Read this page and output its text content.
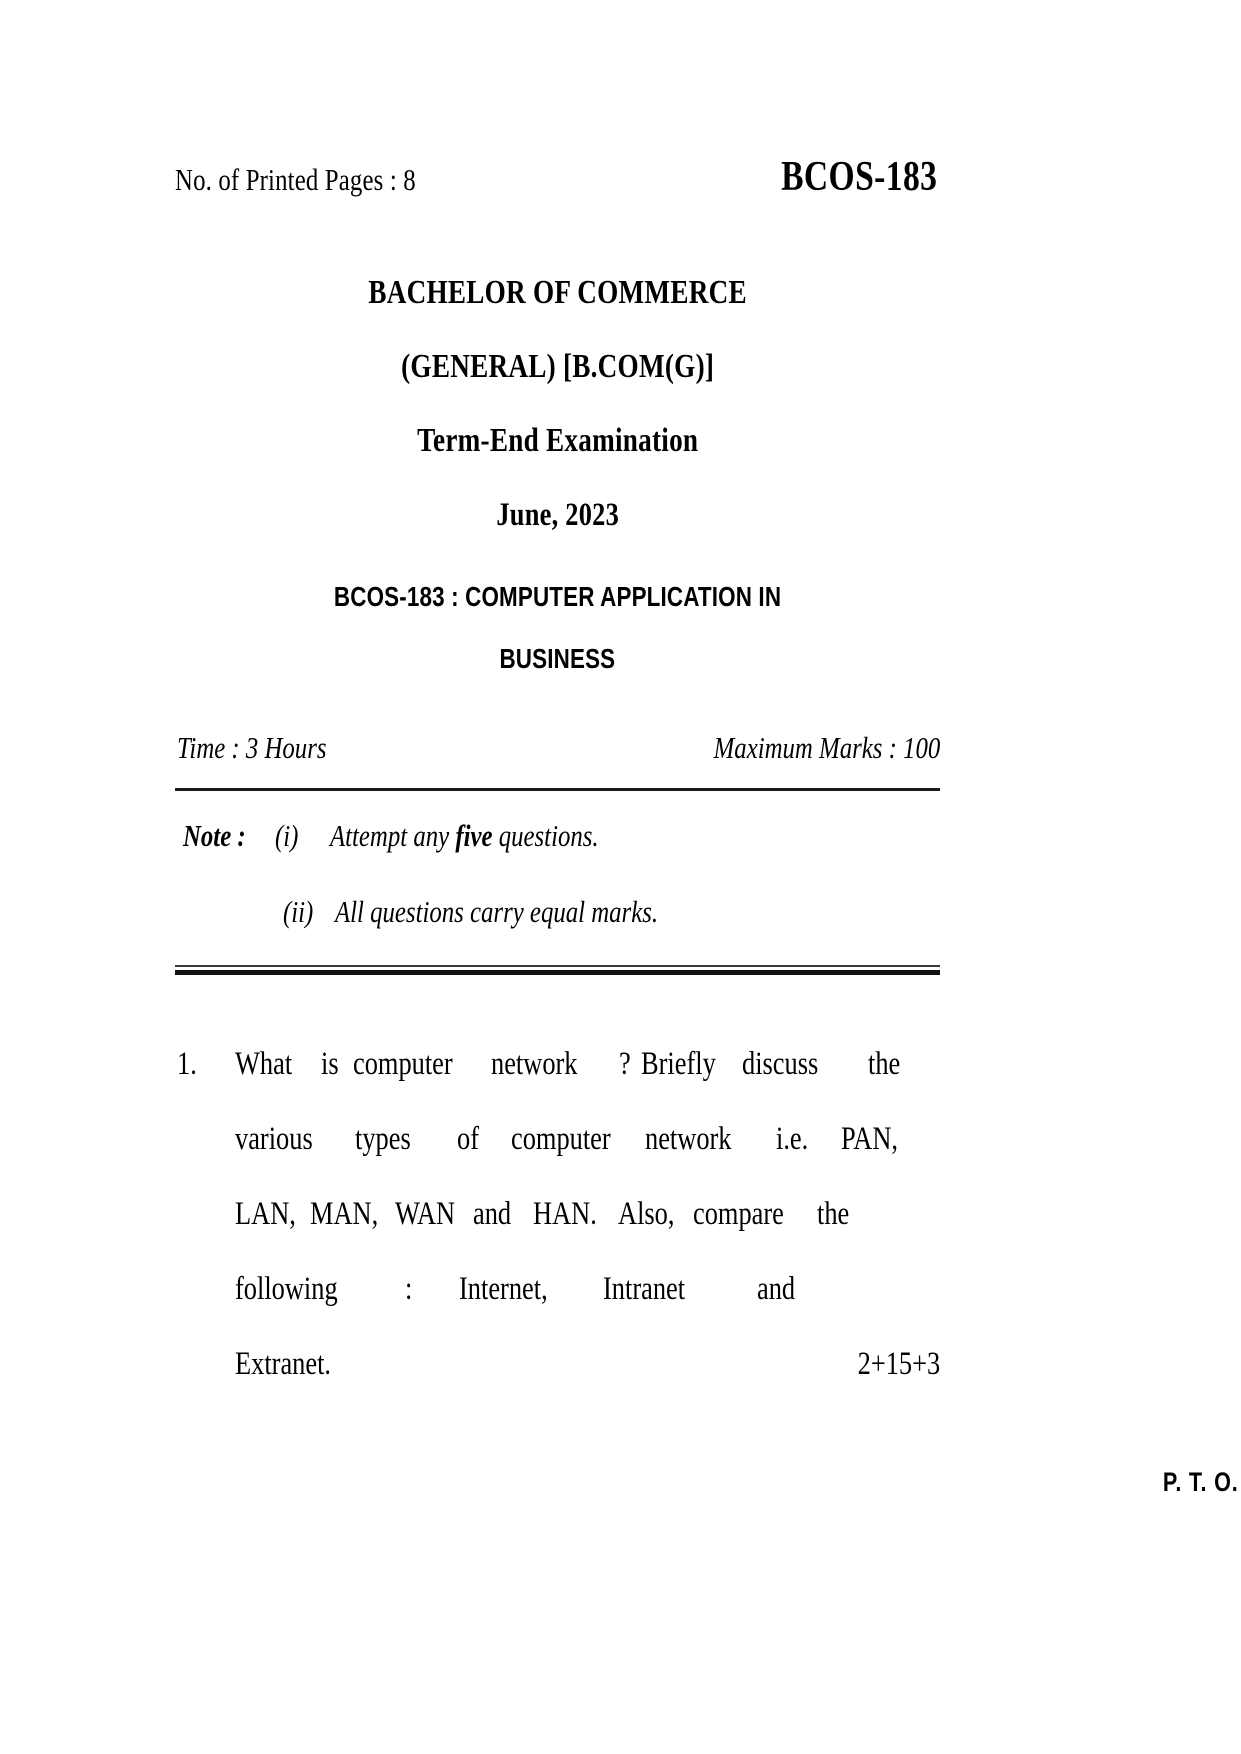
No. of Printed Pages : 8	BCOS-183
BACHELOR OF COMMERCE
(GENERAL) [B.COM(G)]
Term-End Examination
June, 2023
BCOS-183 : COMPUTER APPLICATION IN
BUSINESS
Time : 3 Hours	Maximum Marks : 100
Note : (i) Attempt any five questions.
(ii) All questions carry equal marks.
1. What is computer	network	? Briefly discuss	the
various	types	of computer	network	i.e. PAN,
LAN, MAN, WAN and HAN. Also, compare the
following	: Internet,	Intranet	and
Extranet.	2+15+3
P. T. O.
